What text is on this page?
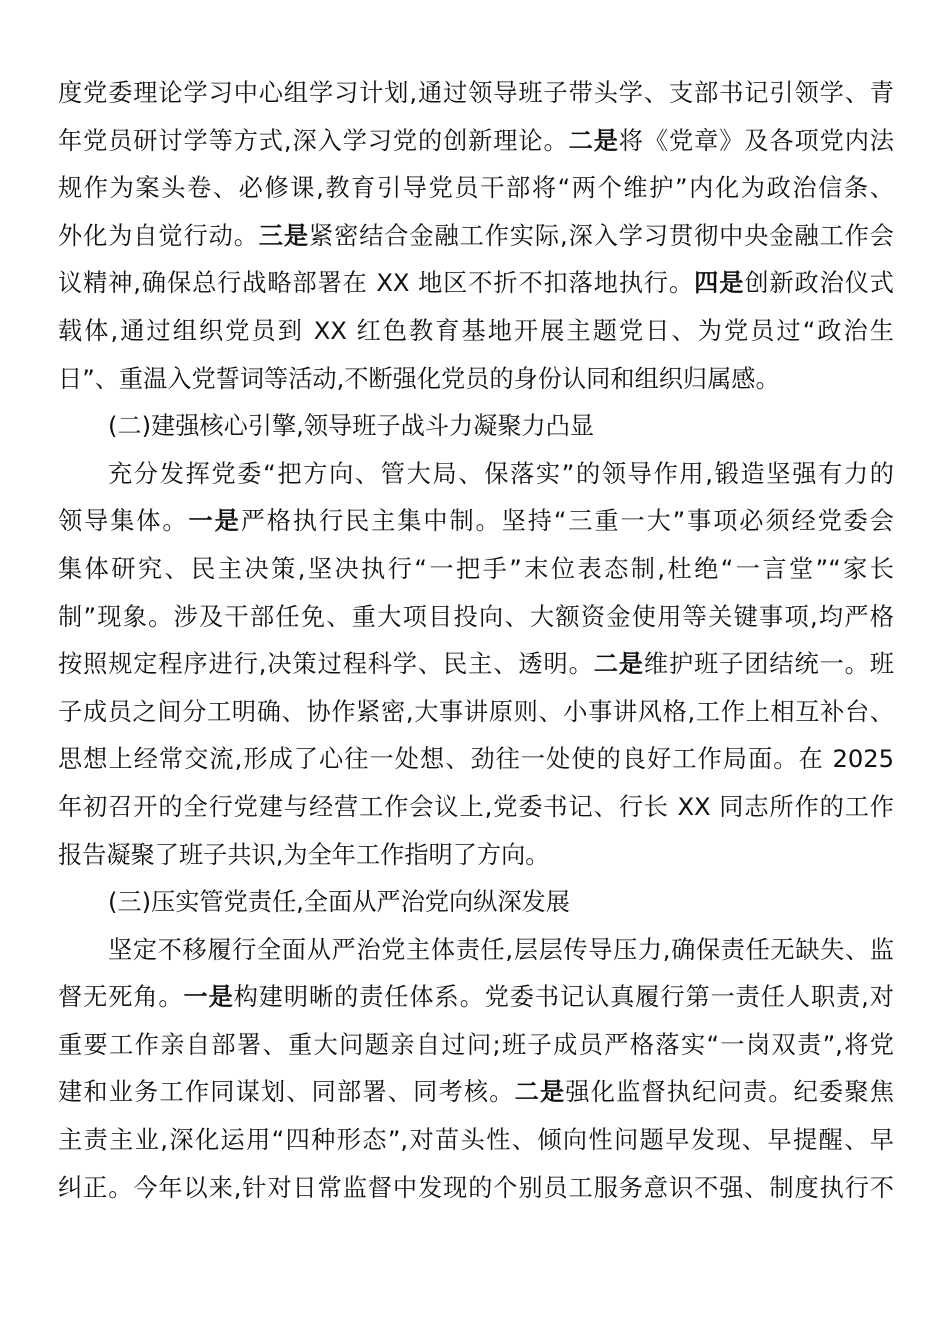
度党委理论学习中心组学习计划,通过领导班子带头学、支部书记引领学、青
年党员研讨学等方式,深入学习党的创新理论。二是将《党章》及各项党内法
规作为案头卷、必修课,教育引导党员干部将“两个维护”内化为政治信条、
外化为自觉行动。三是紧密结合金融工作实际,深入学习贯彻中央金融工作会
议精神,确保总行战略部署在 XX 地区不折不扣落地执行。四是创新政治仪式
载体,通过组织党员到 XX 红色教育基地开展主题党日、为党员过“政治生
日”、重温入党誓词等活动,不断强化党员的身份认同和组织归属感。
(二)建强核心引擎,领导班子战斗力凝聚力凸显
充分发挥党委“把方向、管大局、保落实”的领导作用,锻造坚强有力的
领导集体。一是严格执行民主集中制。坚持“三重一大”事项必须经党委会
集体研究、民主决策,坚决执行“一把手”末位表态制,杜绝“一言堂”“家长
制”现象。涉及干部任免、重大项目投向、大额资金使用等关键事项,均严格
按照规定程序进行,决策过程科学、民主、透明。二是维护班子团结统一。班
子成员之间分工明确、协作紧密,大事讲原则、小事讲风格,工作上相互补台、
思想上经常交流,形成了心往一处想、劲往一处使的良好工作局面。在 2025
年初召开的全行党建与经营工作会议上,党委书记、行长 XX 同志所作的工作
报告凝聚了班子共识,为全年工作指明了方向。
(三)压实管党责任,全面从严治党向纵深发展
坚定不移履行全面从严治党主体责任,层层传导压力,确保责任无缺失、监
督无死角。一是构建明晰的责任体系。党委书记认真履行第一责任人职责,对
重要工作亲自部署、重大问题亲自过问;班子成员严格落实“一岗双责”,将党
建和业务工作同谋划、同部署、同考核。二是强化监督执纪问责。纪委聚焦
主责主业,深化运用“四种形态”,对苗头性、倾向性问题早发现、早提醒、早
纠正。今年以来,针对日常监督中发现的个别员工服务意识不强、制度执行不
